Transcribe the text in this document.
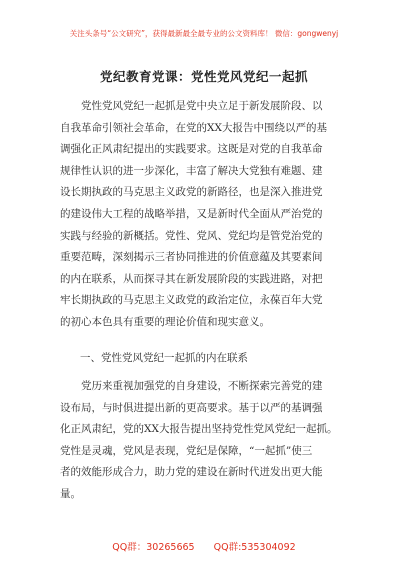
关注头条号“公文研究”，获得最新最全最专业的公文资料库！ 微信：gongwenyj
党纪教育党课：党性党风党纪一起抓
　　党性党风党纪一起抓是党中央立足于新发展阶段、以
自我革命引领社会革命，在党的XX大报告中围绕以严的基
调强化正风肃纪提出的实践要求。这既是对党的自我革命
规律性认识的进一步深化，丰富了解决大党独有难题、建
设长期执政的马克思主义政党的新路径，也是深入推进党
的建设伟大工程的战略举措，又是新时代全面从严治党的
实践与经验的新概括。党性、党风、党纪均是管党治党的
重要范畴，深刻揭示三者协同推进的价值意蕴及其要素间
的内在联系，从而探寻其在新发展阶段的实践进路，对把
牢长期执政的马克思主义政党的政治定位，永葆百年大党
的初心本色具有重要的理论价值和现实意义。
一、党性党风党纪一起抓的内在联系
　　党历来重视加强党的自身建设，不断探索完善党的建
设布局，与时俱进提出新的更高要求。基于以严的基调强
化正风肃纪，党的XX大报告提出坚持党性党风党纪一起抓。
党性是灵魂，党风是表现，党纪是保障，“一起抓”使三
者的效能形成合力，助力党的建设在新时代迸发出更大能
量。
QQ群：30265665 QQ群:535304092
